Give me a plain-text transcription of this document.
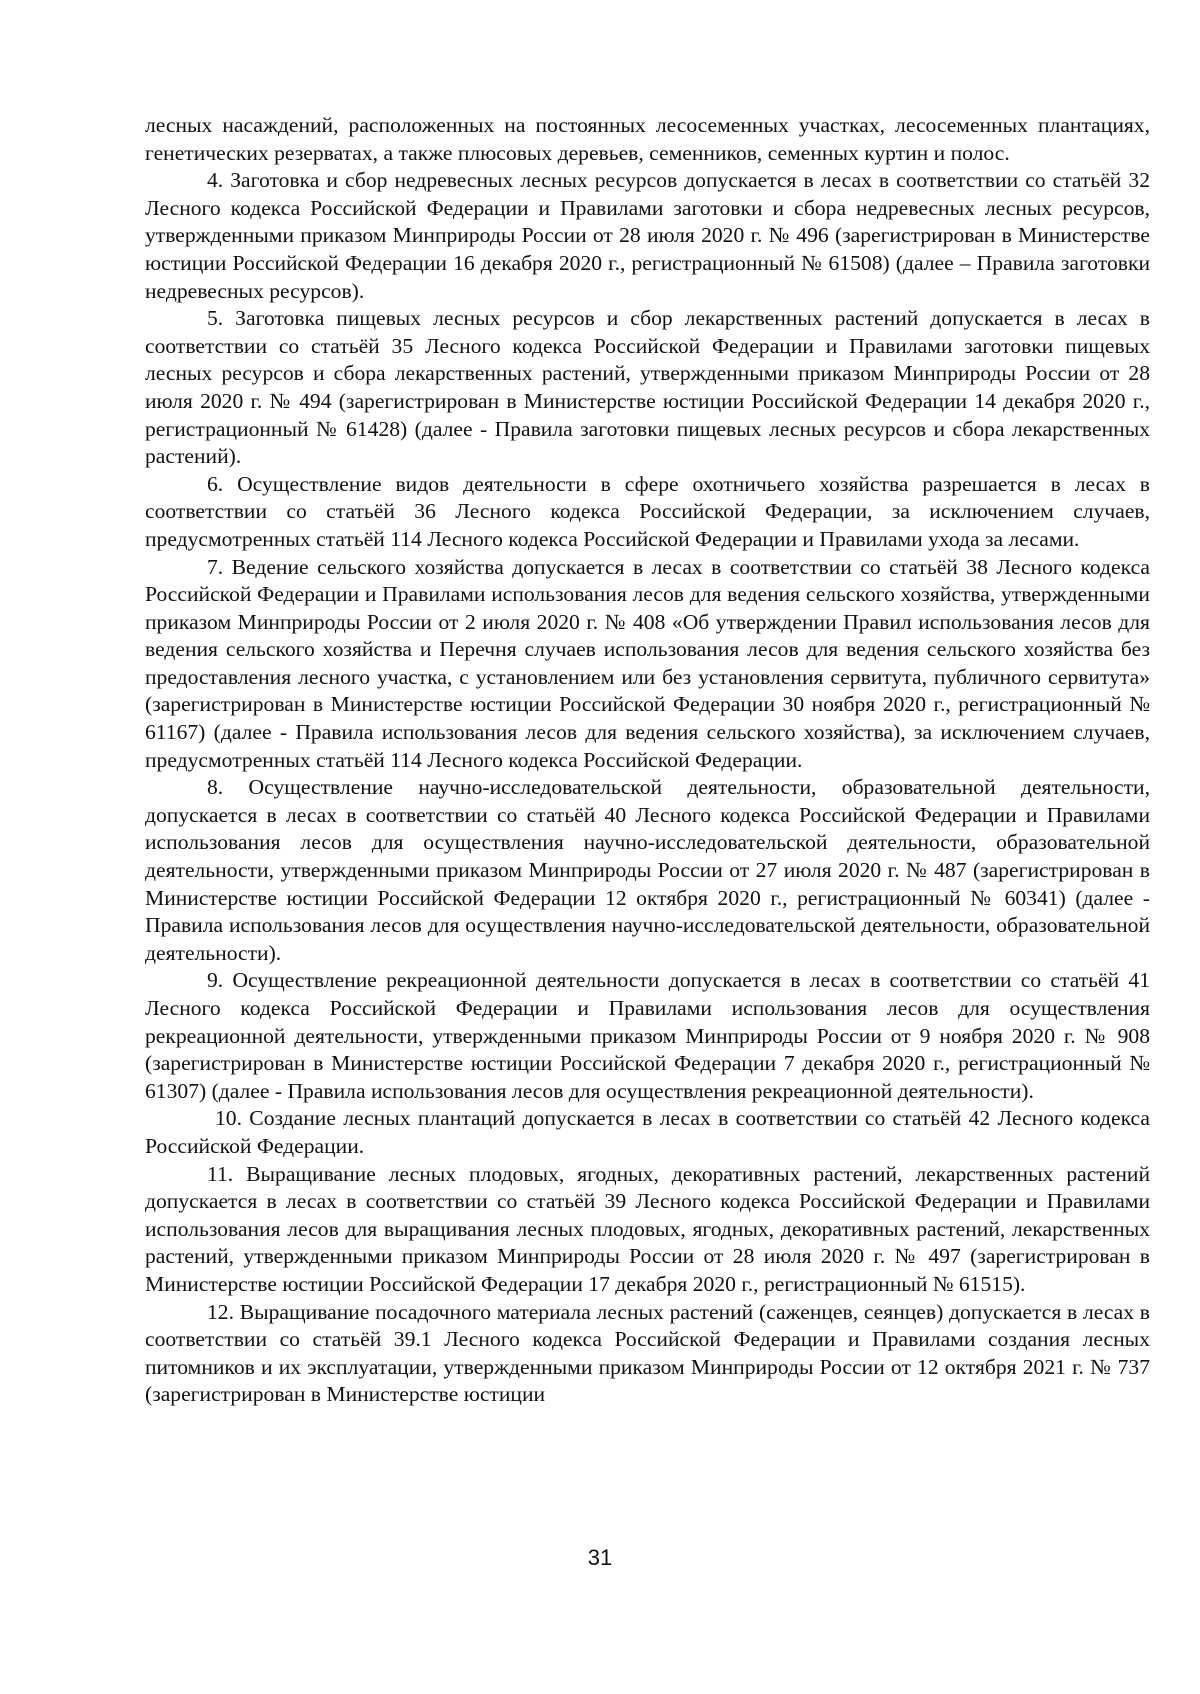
лесных насаждений, расположенных на постоянных лесосеменных участках, лесосеменных плантациях, генетических резерватах, а также плюсовых деревьев, семенников, семенных куртин и полос.

4. Заготовка и сбор недревесных лесных ресурсов допускается в лесах в соответствии со статьёй 32 Лесного кодекса Российской Федерации и Правилами заготовки и сбора недревесных лесных ресурсов, утвержденными приказом Минприроды России от 28 июля 2020 г. № 496 (зарегистрирован в Министерстве юстиции Российской Федерации 16 декабря 2020 г., регистрационный № 61508) (далее – Правила заготовки недревесных ресурсов).

5. Заготовка пищевых лесных ресурсов и сбор лекарственных растений допускается в лесах в соответствии со статьёй 35 Лесного кодекса Российской Федерации и Правилами заготовки пищевых лесных ресурсов и сбора лекарственных растений, утвержденными приказом Минприроды России от 28 июля 2020 г. № 494 (зарегистрирован в Министерстве юстиции Российской Федерации 14 декабря 2020 г., регистрационный № 61428) (далее - Правила заготовки пищевых лесных ресурсов и сбора лекарственных растений).

6. Осуществление видов деятельности в сфере охотничьего хозяйства разрешается в лесах в соответствии со статьёй 36 Лесного кодекса Российской Федерации, за исключением случаев, предусмотренных статьёй 114 Лесного кодекса Российской Федерации и Правилами ухода за лесами.

7. Ведение сельского хозяйства допускается в лесах в соответствии со статьёй 38 Лесного кодекса Российской Федерации и Правилами использования лесов для ведения сельского хозяйства, утвержденными приказом Минприроды России от 2 июля 2020 г. № 408 «Об утверждении Правил использования лесов для ведения сельского хозяйства и Перечня случаев использования лесов для ведения сельского хозяйства без предоставления лесного участка, с установлением или без установления сервитута, публичного сервитута» (зарегистрирован в Министерстве юстиции Российской Федерации 30 ноября 2020 г., регистрационный № 61167) (далее - Правила использования лесов для ведения сельского хозяйства), за исключением случаев, предусмотренных статьёй 114 Лесного кодекса Российской Федерации.

8. Осуществление научно-исследовательской деятельности, образовательной деятельности, допускается в лесах в соответствии со статьёй 40 Лесного кодекса Российской Федерации и Правилами использования лесов для осуществления научно-исследовательской деятельности, образовательной деятельности, утвержденными приказом Минприроды России от 27 июля 2020 г. № 487 (зарегистрирован в Министерстве юстиции Российской Федерации 12 октября 2020 г., регистрационный № 60341) (далее - Правила использования лесов для осуществления научно-исследовательской деятельности, образовательной деятельности).

9. Осуществление рекреационной деятельности допускается в лесах в соответствии со статьёй 41 Лесного кодекса Российской Федерации и Правилами использования лесов для осуществления рекреационной деятельности, утвержденными приказом Минприроды России от 9 ноября 2020 г. № 908 (зарегистрирован в Министерстве юстиции Российской Федерации 7 декабря 2020 г., регистрационный № 61307) (далее - Правила использования лесов для осуществления рекреационной деятельности).

10. Создание лесных плантаций допускается в лесах в соответствии со статьёй 42 Лесного кодекса Российской Федерации.

11. Выращивание лесных плодовых, ягодных, декоративных растений, лекарственных растений допускается в лесах в соответствии со статьёй 39 Лесного кодекса Российской Федерации и Правилами использования лесов для выращивания лесных плодовых, ягодных, декоративных растений, лекарственных растений, утвержденными приказом Минприроды России от 28 июля 2020 г. № 497 (зарегистрирован в Министерстве юстиции Российской Федерации 17 декабря 2020 г., регистрационный № 61515).

12. Выращивание посадочного материала лесных растений (саженцев, сеянцев) допускается в лесах в соответствии со статьёй 39.1 Лесного кодекса Российской Федерации и Правилами создания лесных питомников и их эксплуатации, утвержденными приказом Минприроды России от 12 октября 2021 г. № 737 (зарегистрирован в Министерстве юстиции

31
